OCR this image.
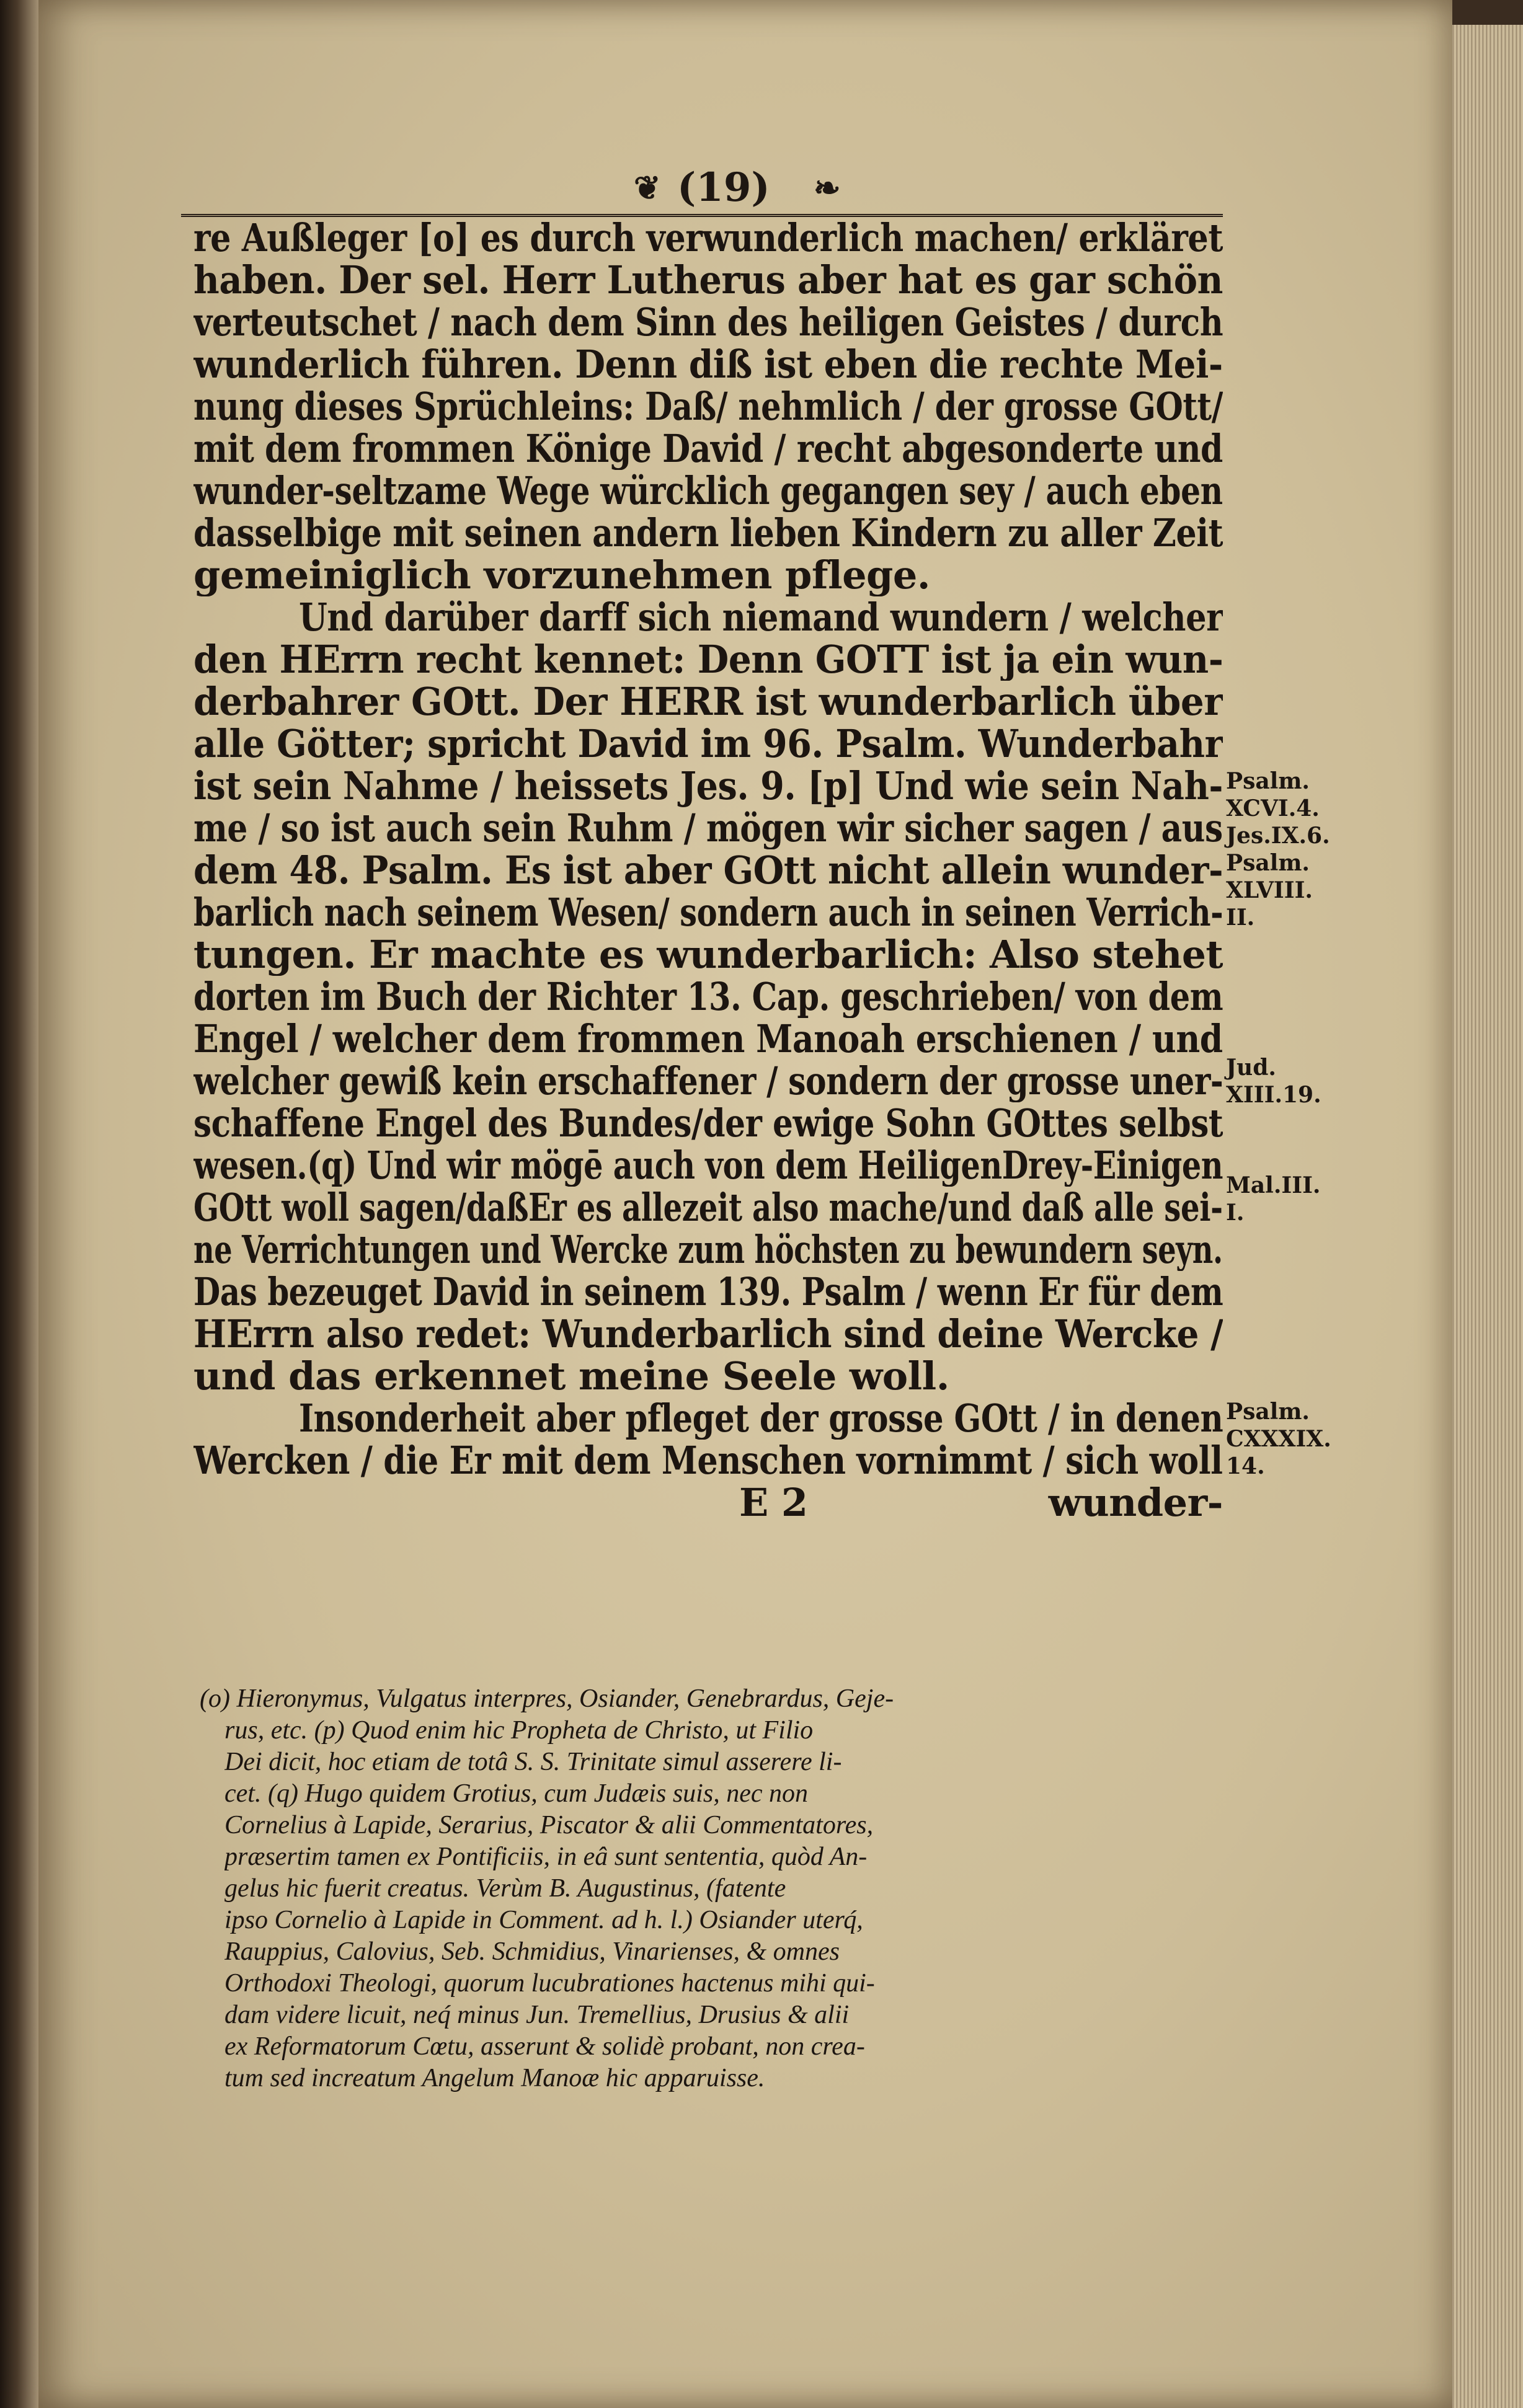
❦ (19) ❧
re Außleger [o] es durch verwunderlich machen/ erkläret
haben. Der sel. Herr Lutherus aber hat es gar schön
verteutschet / nach dem Sinn des heiligen Geistes / durch
wunderlich führen. Denn diß ist eben die rechte Mei-
nung dieses Sprüchleins: Daß/ nehmlich / der grosse GOtt/
mit dem frommen Könige David / recht abgesonderte und
wunder-seltzame Wege würcklich gegangen sey / auch eben
dasselbige mit seinen andern lieben Kindern zu aller Zeit
gemeiniglich vorzunehmen pflege.
Und darüber darff sich niemand wundern / welcher
den HErrn recht kennet: Denn GOTT ist ja ein wun-
derbahrer GOtt. Der HERR ist wunderbarlich über
alle Götter; spricht David im 96. Psalm. Wunderbahr
ist sein Nahme / heissets Jes. 9. [p] Und wie sein Nah-
me / so ist auch sein Ruhm / mögen wir sicher sagen / aus
dem 48. Psalm. Es ist aber GOtt nicht allein wunder-
barlich nach seinem Wesen/ sondern auch in seinen Verrich-
tungen. Er machte es wunderbarlich: Also stehet
dorten im Buch der Richter 13. Cap. geschrieben/ von dem
Engel / welcher dem frommen Manoah erschienen / und
welcher gewiß kein erschaffener / sondern der grosse uner-
schaffene Engel des Bundes/der ewige Sohn GOttes selbst
wesen.(q) Und wir mögē auch von dem HeiligenDrey-Einigen
GOtt woll sagen/daßEr es allezeit also mache/und daß alle sei-
ne Verrichtungen und Wercke zum höchsten zu bewundern seyn.
Das bezeuget David in seinem 139. Psalm / wenn Er für dem
HErrn also redet: Wunderbarlich sind deine Wercke /
und das erkennet meine Seele woll.
Insonderheit aber pfleget der grosse GOtt / in denen
Wercken / die Er mit dem Menschen vornimmt / sich woll
E 2	wunder-
Psalm.
XCVI.4.
Jes.IX.6.
Psalm.
XLVIII.
II.
Jud.
XIII.19.
Mal.III.
I.
Psalm.
CXXXIX.
14.
(o) Hieronymus, Vulgatus interpres, Osiander, Genebrardus, Geje-
rus, etc. (p) Quod enim hic Propheta de Christo, ut Filio
Dei dicit, hoc etiam de totâ S. S. Trinitate simul asserere li-
cet. (q) Hugo quidem Grotius, cum Judæis suis, nec non
Cornelius à Lapide, Serarius, Piscator & alii Commentatores,
præsertim tamen ex Pontificiis, in eâ sunt sententia, quòd An-
gelus hic fuerit creatus. Verùm B. Augustinus, (fatente
ipso Cornelio à Lapide in Comment. ad h. l.) Osiander uterq́,
Rauppius, Calovius, Seb. Schmidius, Vinarienses, & omnes
Orthodoxi Theologi, quorum lucubrationes hactenus mihi qui-
dam videre licuit, neq́ minus Jun. Tremellius, Drusius & alii
ex Reformatorum Cœtu, asserunt & solidè probant, non crea-
tum sed increatum Angelum Manoæ hic apparuisse.
